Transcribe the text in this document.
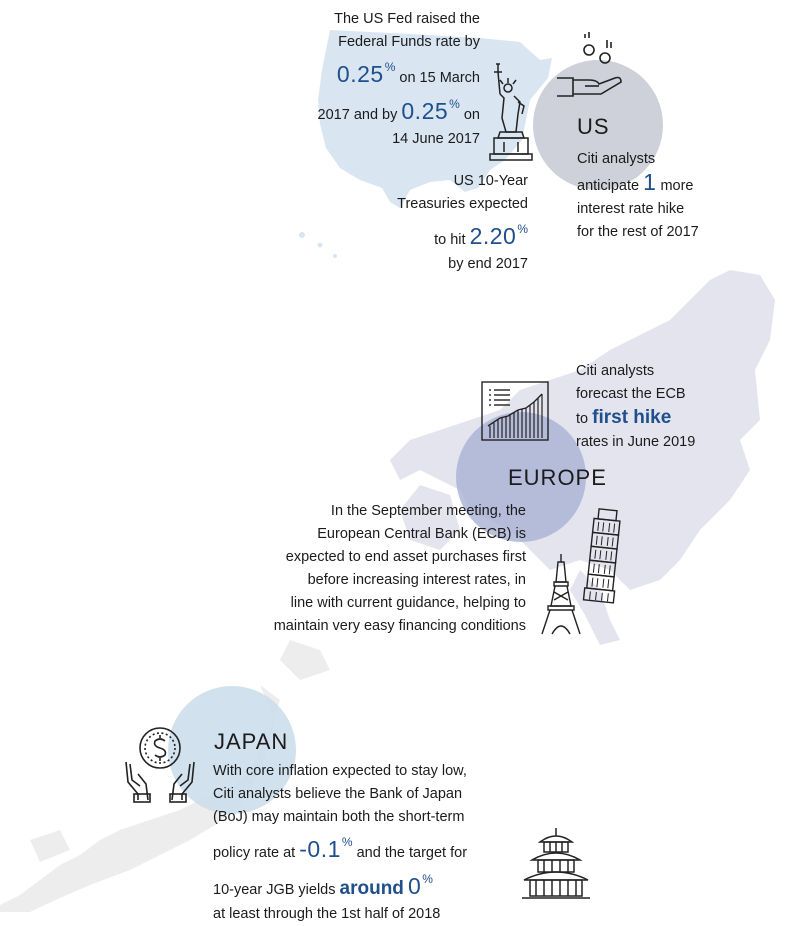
The US Fed raised the
Federal Funds rate by
0.25% on 15 March
2017 and by 0.25% on
14 June 2017
US 10-Year
Treasuries expected
to hit 2.20%
by end 2017
US
Citi analysts
anticipate 1 more
interest rate hike
for the rest of 2017
Citi analysts
forecast the ECB
to first hike
rates in June 2019
EUROPE
In the September meeting, the
European Central Bank (ECB) is
expected to end asset purchases first
before increasing interest rates, in
line with current guidance, helping to
maintain very easy financing conditions
JAPAN
With core inflation expected to stay low,
Citi analysts believe the Bank of Japan
(BoJ) may maintain both the short-term
policy rate at -0.1% and the target for
10-year JGB yields around 0%
at least through the 1st half of 2018
